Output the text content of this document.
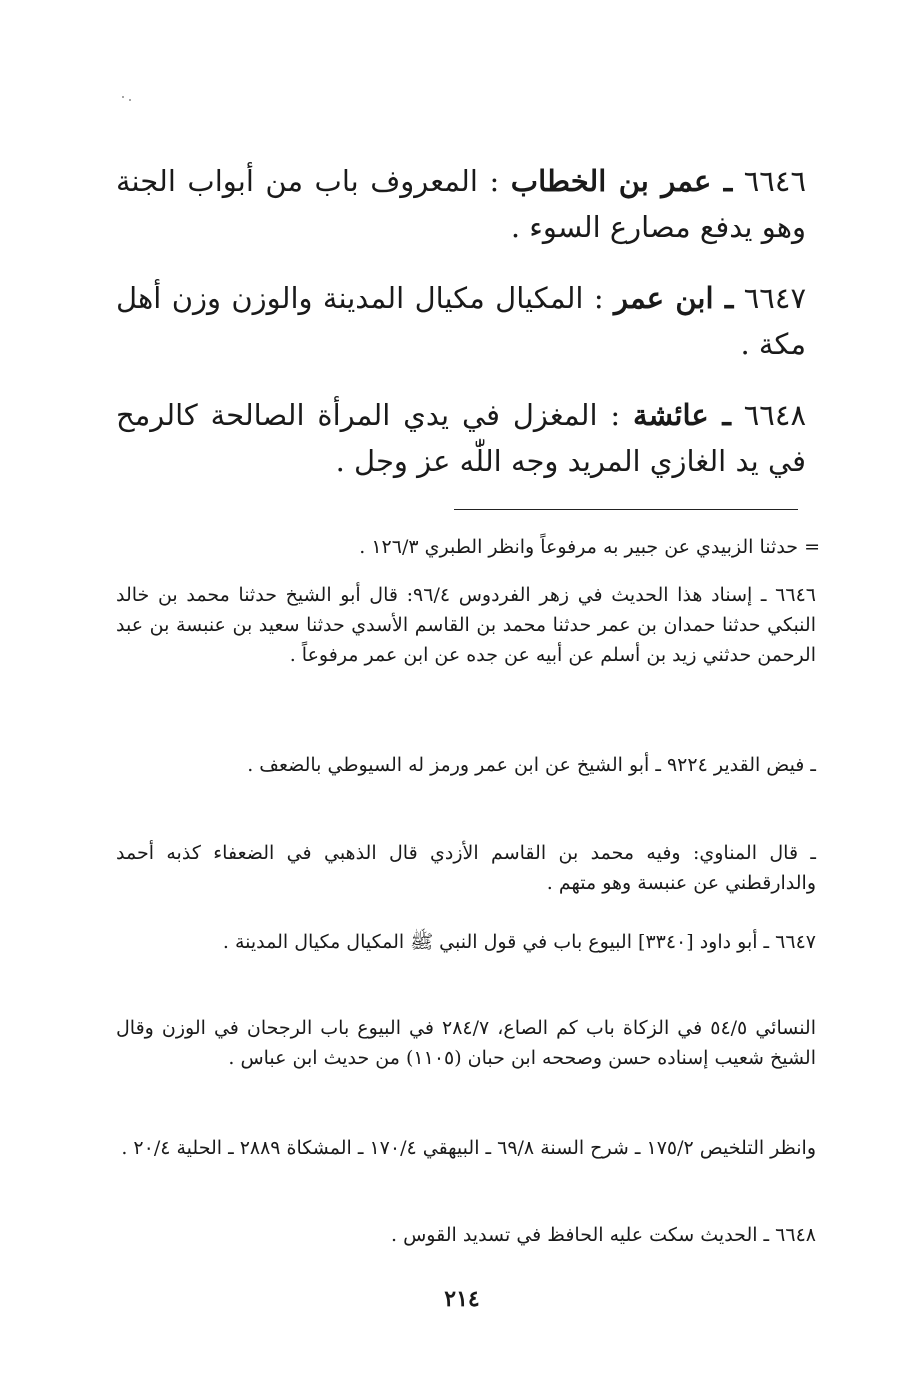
٦٦٤٦ ـ عمر بن الخطاب : المعروف باب من أبواب الجنة وهو يدفع مصارع السوء .
٦٦٤٧ ـ ابن عمر : المكيال مكيال المدينة والوزن وزن أهل مكة .
٦٦٤٨ ـ عائشة : المغزل في يدي المرأة الصالحة كالرمح في يد الغازي المريد وجه اللّٰه عز وجل .
= حدثنا الزبيدي عن جبير به مرفوعاً وانظر الطبري ١٢٦/٣ .
٦٦٤٦ ـ إسناد هذا الحديث في زهر الفردوس ٩٦/٤: قال أبو الشيخ حدثنا محمد بن خالد النبكي حدثنا حمدان بن عمر حدثنا محمد بن القاسم الأسدي حدثنا سعيد بن عنبسة بن عبد الرحمن حدثني زيد بن أسلم عن أبيه عن جده عن ابن عمر مرفوعاً .
ـ فيض القدير ٩٢٢٤ ـ أبو الشيخ عن ابن عمر ورمز له السيوطي بالضعف .
ـ قال المناوي: وفيه محمد بن القاسم الأزدي قال الذهبي في الضعفاء كذبه أحمد والدارقطني عن عنبسة وهو متهم .
٦٦٤٧ ـ أبو داود [٣٣٤٠] البيوع باب في قول النبي ﷺ المكيال مكيال المدينة .
النسائي ٥٤/٥ في الزكاة باب كم الصاع، ٢٨٤/٧ في البيوع باب الرجحان في الوزن وقال الشيخ شعيب إسناده حسن وصححه ابن حبان (١١٠٥) من حديث ابن عباس .
وانظر التلخيص ١٧٥/٢ ـ شرح السنة ٦٩/٨ ـ البيهقي ١٧٠/٤ ـ المشكاة ٢٨٨٩ ـ الحلية ٢٠/٤ .
٦٦٤٨ ـ الحديث سكت عليه الحافظ في تسديد القوس .
٢١٤
